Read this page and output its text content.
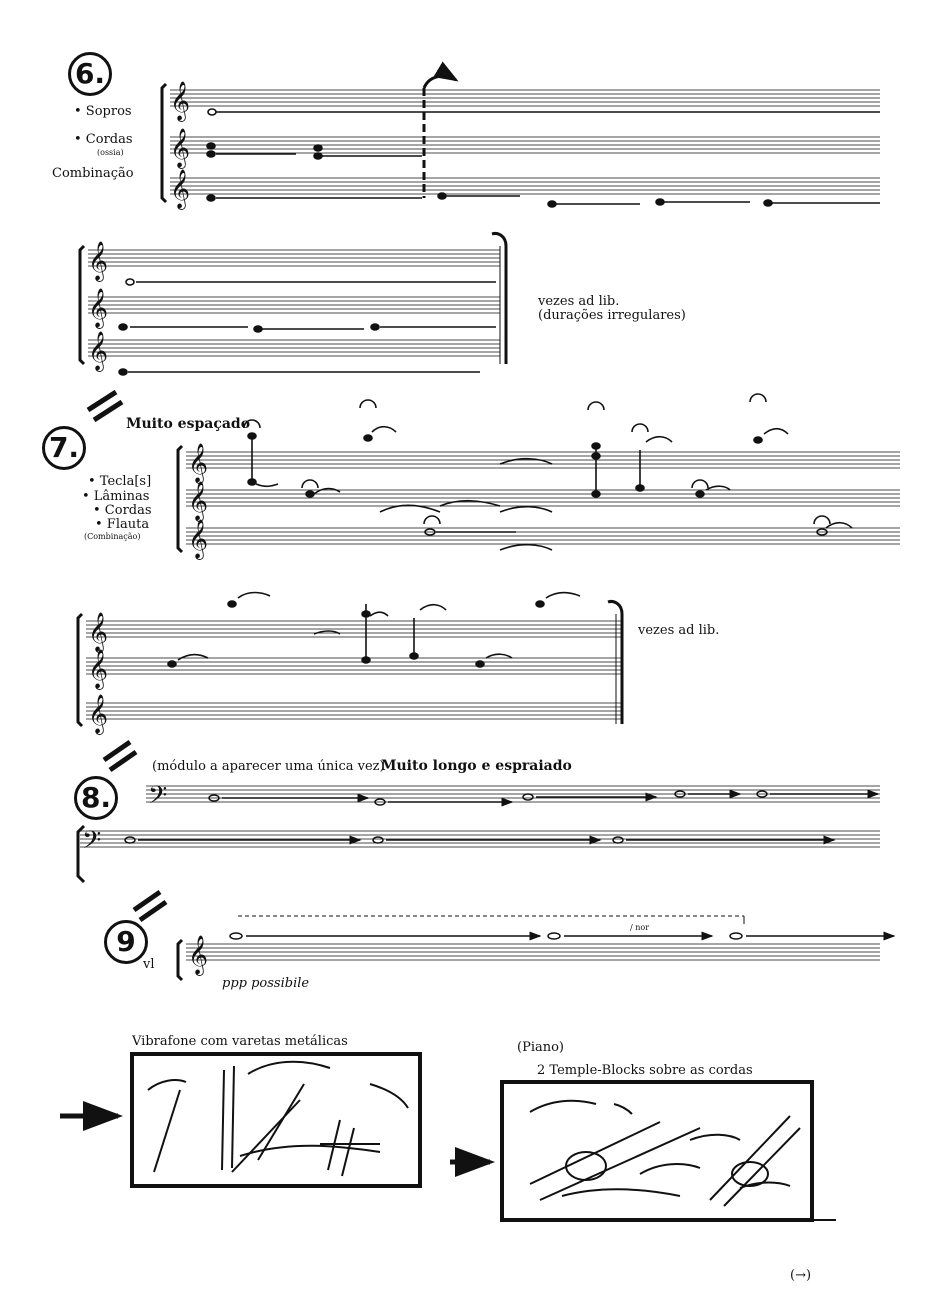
6.
7.
8.
9
• Sopros
• Cordas
(ossia)
Combinação
vezes ad lib.
(durações irregulares)
Muito espaçado
• Tecla[s]
• Lâminas
• Cordas
• Flauta
(Combinação)
vezes ad lib.
(módulo a aparecer uma única vez)
Muito longo e espraiado
vl
ppp possibile
/ nor
Vibrafone com varetas metálicas	(Piano)
2 Temple-Blocks sobre as cordas
(→)
𝄞
𝄞
𝄞
𝄞
𝄞
𝄞
𝄞
𝄞
𝄞
𝄞
𝄞
𝄞
𝄢
𝄢
𝄞
